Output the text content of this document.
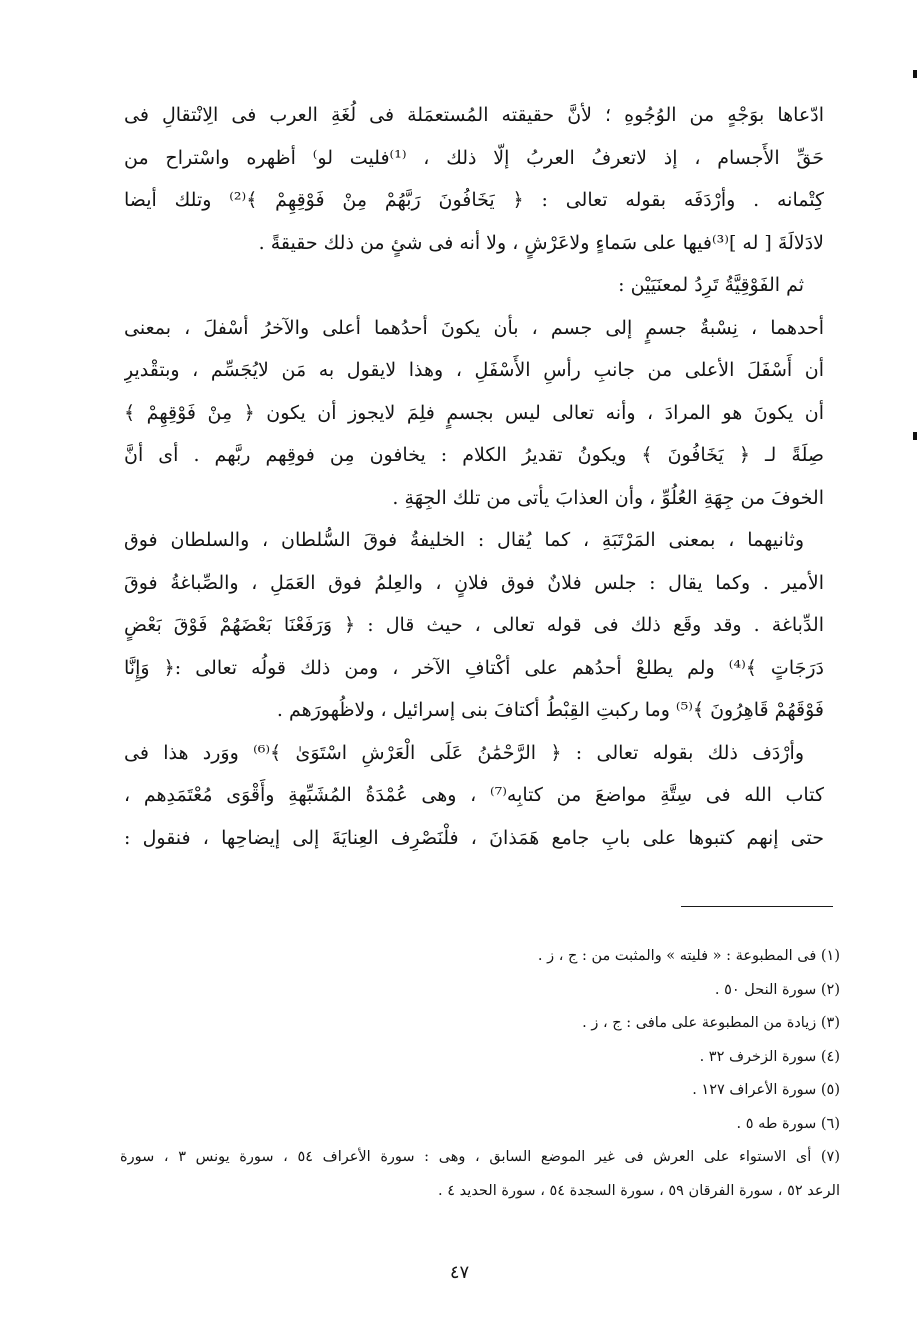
ادّعاها بوَجْهٍ من الوُجُوهِ ؛ لأنَّ حقيقته المُستعمَلة فى لُغَةِ العرب فى الِانْتقالِ فى
حَقِّ الأَجسام ، إذ لاتعرفُ العربُ إلّا ذلك ، ⁽¹⁾فليت لو⁾ أظهره واسْتراح من
كِتْمانه . وأرْدَفَه بقوله تعالى : ﴿ يَخَافُونَ رَبَّهُمْ مِنْ فَوْقِهِمْ ﴾⁽²⁾ وتلك أيضا
لادَلالَةَ [ له ]⁽³⁾فيها على سَماءٍ ولاعَرْشٍ ، ولا أنه فى شئٍ من ذلك حقيقةً .
ثم الفَوْقِيَّةُ تَرِدُ لمعنَيَيْن :
أحدهما ، نِسْبةُ جسمٍ إلى جسم ، بأن يكونَ أحدُهما أعلى والآخرُ أسْفلَ ، بمعنى
أن أَسْفَلَ الأعلى من جانبِ رأسِ الأَسْفَلِ ، وهذا لايقول به مَن لايُجَسِّم ، وبتقْديرِ
أن يكونَ هو المرادَ ، وأنه تعالى ليس بجسمٍ فلِمَ لايجوز أن يكون ﴿ مِنْ فَوْقِهِمْ ﴾
صِلَةً لـ ﴿ يَخَافُونَ ﴾ ويكونُ تقديرُ الكلام : يخافون مِن فوقِهم ربَّهم . أى أنَّ
الخوفَ من جِهَةِ العُلُوِّ ، وأن العذابَ يأتى من تلك الجِهَةِ .
وثانيهما ، بمعنى المَرْتَبَةِ ، كما يُقال : الخليفةُ فوقَ السُّلطان ، والسلطان فوق
الأمير . وكما يقال : جلس فلانٌ فوق فلانٍ ، والعِلمُ فوق العَمَلِ ، والصِّباغةُ فوقَ
الدِّباغة . وقد وقَع ذلك فى قوله تعالى ، حيث قال : ﴿ وَرَفَعْنَا بَعْضَهُمْ فَوْقَ بَعْضٍ
دَرَجَاتٍ ﴾⁽⁴⁾ ولم يطلعْ أحدُهم على أكْتافِ الآخر ، ومن ذلك قولُه تعالى :﴿ وَإِنَّا
فَوْقَهُمْ قَاهِرُونَ ﴾⁽⁵⁾ وما ركبتِ القِبْطُ أكتافَ بنى إسرائيل ، ولاظُهورَهم .
وأرْدَف ذلك بقوله تعالى : ﴿ الرَّحْمَٰنُ عَلَى الْعَرْشِ اسْتَوَىٰ ﴾⁽⁶⁾ ووَرد هذا فى
كتاب الله فى سِتَّةِ مواضعَ من كتابِه⁽⁷⁾ ، وهى عُمْدَةُ المُشَبِّهةِ وأَقْوَى مُعْتَمَدِهم ،
حتى إنهم كتبوها على بابِ جامع هَمَذانَ ، فلْنَصْرِف العِنايَةَ إلى إيضاحِها ، فنقول :
(١) فى المطبوعة : « فليته » والمثبت من : ج ، ز .
(٢) سورة النحل ٥٠ .
(٣) زيادة من المطبوعة على مافى : ج ، ز .
(٤) سورة الزخرف ٣٢ .
(٥) سورة الأعراف ١٢٧ .
(٦) سورة طه ٥ .
(٧) أى الاستواء على العرش فى غير الموضع السابق ، وهى : سورة الأعراف ٥٤ ، سورة يونس ٣ ، سورة
الرعد ٥٢ ، سورة الفرقان ٥٩ ، سورة السجدة ٥٤ ، سورة الحديد ٤ .
٤٧
